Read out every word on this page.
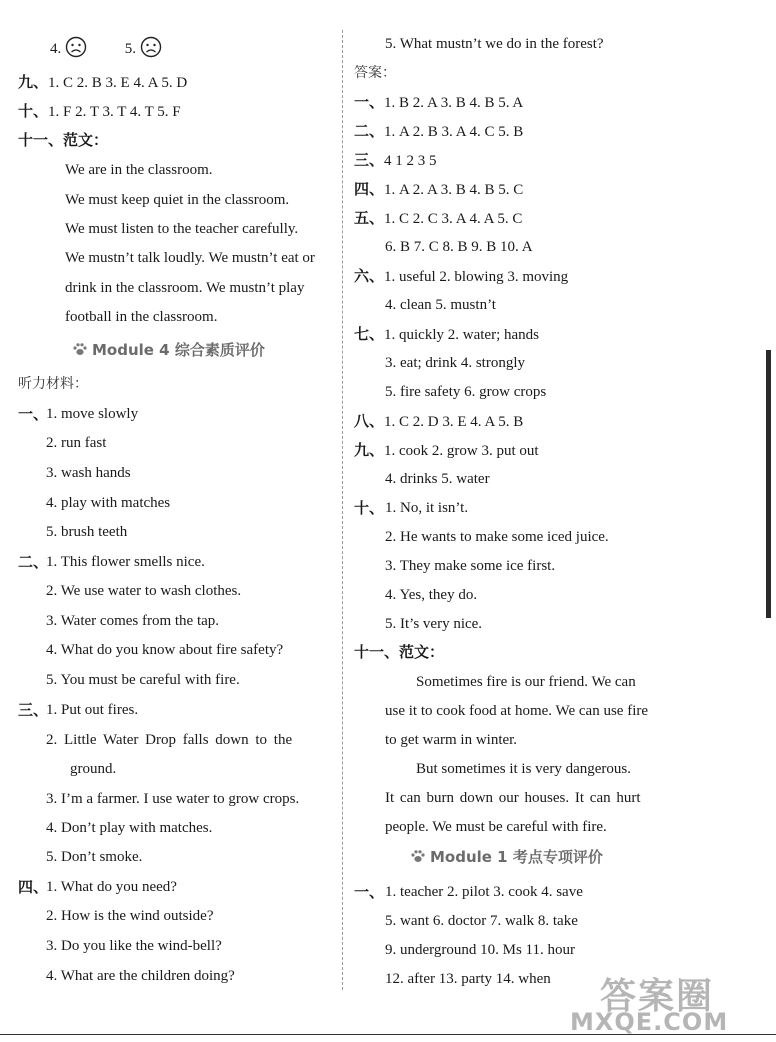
4.	5.
九、1. C 2. B 3. E 4. A 5. D
十、1. F 2. T 3. T 4. T 5. F
十一、范文：
We are in the classroom.
We must keep quiet in the classroom.
We must listen to the teacher carefully.
We mustn’t talk loudly. We mustn’t eat or
drink in the classroom. We mustn’t play
football in the classroom.
Module 4 综合素质评价
听力材料：
一、
1. move slowly
2. run fast
3. wash hands
4. play with matches
5. brush teeth
二、
1. This flower smells nice.
2. We use water to wash clothes.
3. Water comes from the tap.
4. What do you know about fire safety?
5. You must be careful with fire.
三、
1. Put out fires.
2. Little Water Drop falls down to the
ground.
3. I’m a farmer. I use water to grow crops.
4. Don’t play with matches.
5. Don’t smoke.
四、
1. What do you need?
2. How is the wind outside?
3. Do you like the wind-bell?
4. What are the children doing?
5. What mustn’t we do in the forest?
答案：
一、1. B 2. A 3. B 4. B 5. A
二、1. A 2. B 3. A 4. C 5. B
三、4 1 2 3 5
四、1. A 2. A 3. B 4. B 5. C
五、1. C 2. C 3. A 4. A 5. C
6. B 7. C 8. B 9. B 10. A
六、1. useful 2. blowing 3. moving
4. clean 5. mustn’t
七、1. quickly 2. water; hands
3. eat; drink 4. strongly
5. fire safety 6. grow crops
八、1. C 2. D 3. E 4. A 5. B
九、1. cook 2. grow 3. put out
4. drinks 5. water
十、 1. No, it isn’t.
2. He wants to make some iced juice.
3. They make some ice first.
4. Yes, they do.
5. It’s very nice.
十一、范文：
Sometimes fire is our friend. We can
use it to cook food at home. We can use fire
to get warm in winter.
But sometimes it is very dangerous.
It can burn down our houses. It can hurt
people. We must be careful with fire.
Module 1 考点专项评价
一、 1. teacher 2. pilot 3. cook 4. save
5. want 6. doctor 7. walk 8. take
9. underground 10. Ms 11. hour
12. after 13. party 14. when 答案圈
MXQE.COM
